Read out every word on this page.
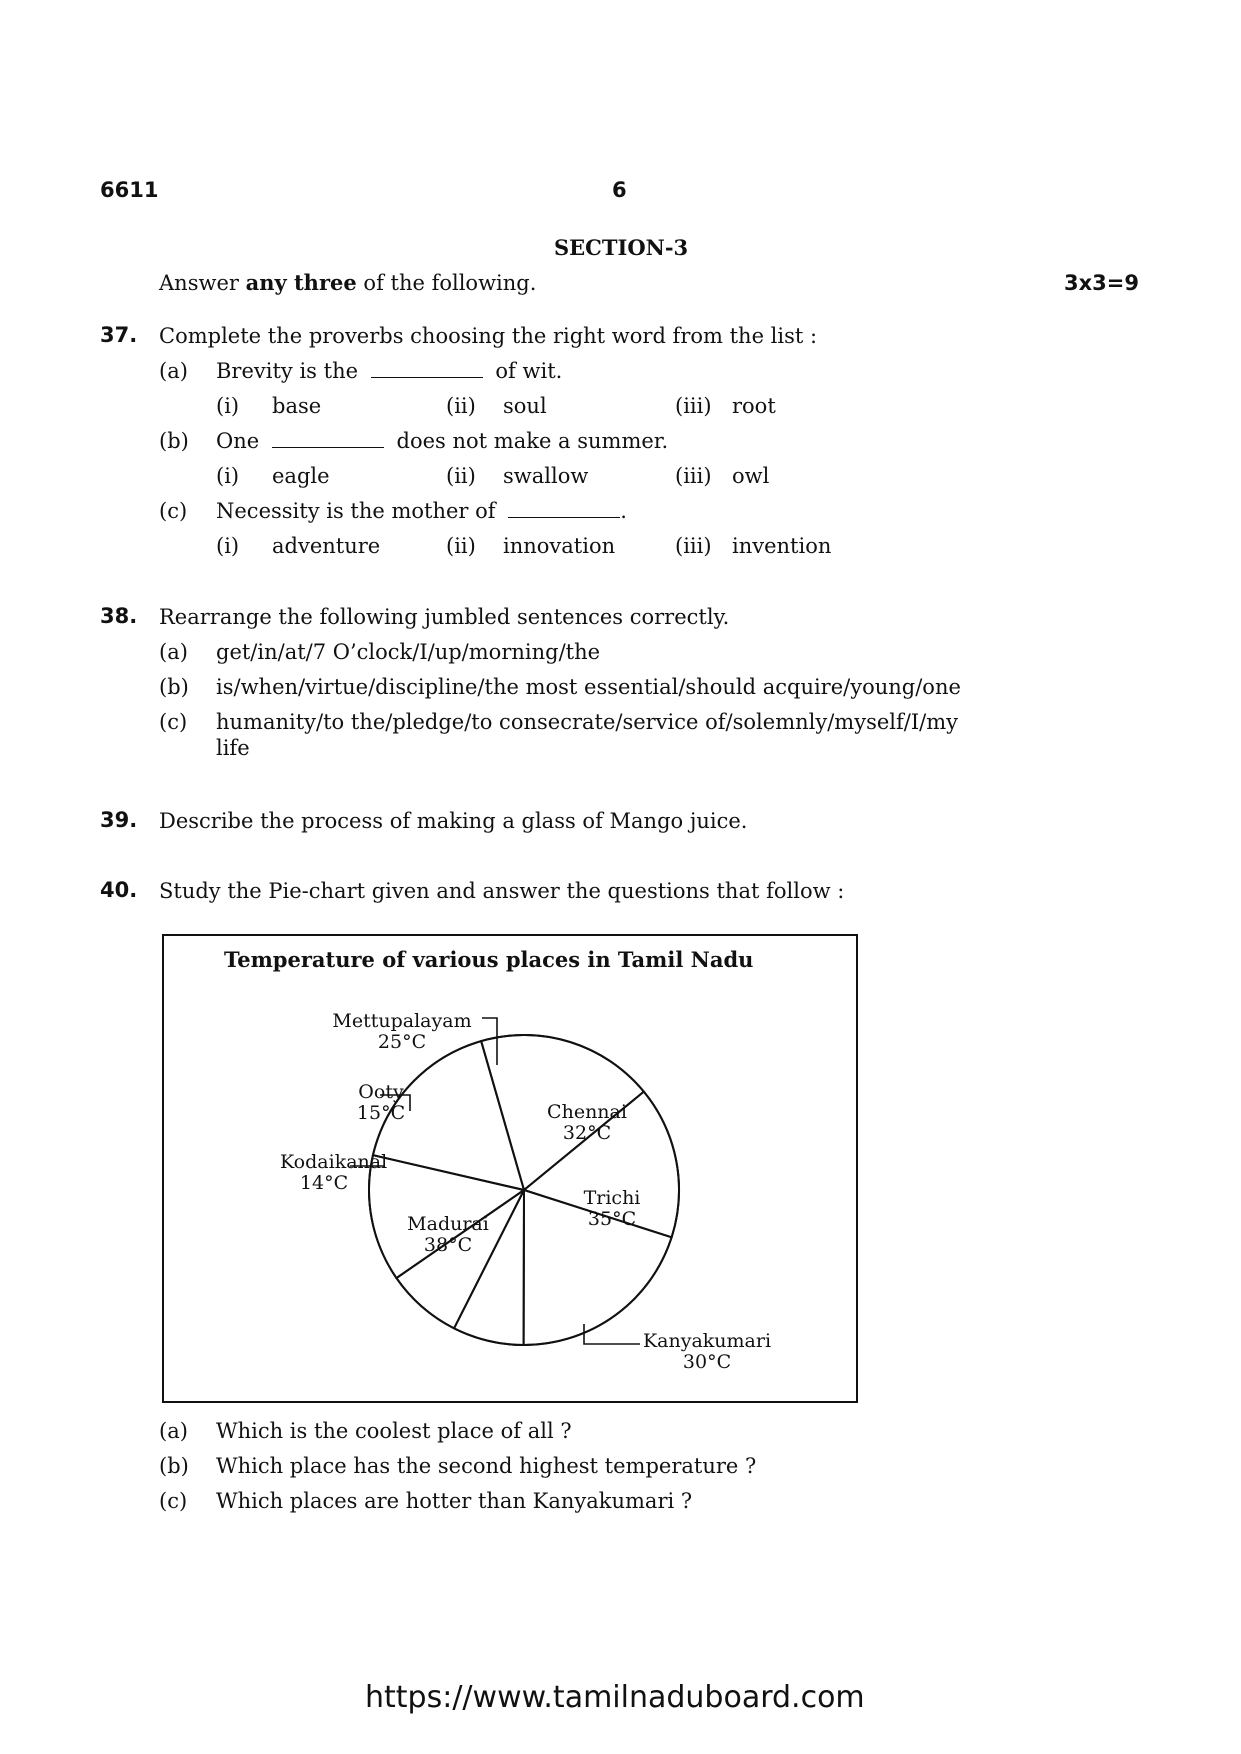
6611	6
SECTION-3
Answer any three of the following.	3x3=9
37. Complete the proverbs choosing the right word from the list :
(a) Brevity is the	of wit.
(i) base	(ii) soul	(iii) root
(b) One	does not make a summer.
(i) eagle	(ii) swallow	(iii) owl
(c) Necessity is the mother of	.
(i) adventure	(ii) innovation	(iii) invention
38. Rearrange the following jumbled sentences correctly.
(a) get/in/at/7 O’clock/I/up/morning/the
(b) is/when/virtue/discipline/the most essential/should acquire/young/one
(c) humanity/to the/pledge/to consecrate/service of/solemnly/myself/I/my
life
39. Describe the process of making a glass of Mango juice.
40. Study the Pie-chart given and answer the questions that follow :
Temperature of various places in Tamil Nadu
Chennai
32°C
Trichi
35°C
Kanyakumari
30°C
Madurai
38°C
Kodaikanal
14°C
Ooty
15°C
Mettupalayam
25°C
(a) Which is the coolest place of all ?
(b) Which place has the second highest temperature ?
(c) Which places are hotter than Kanyakumari ?
https://www.tamilnaduboard.com
